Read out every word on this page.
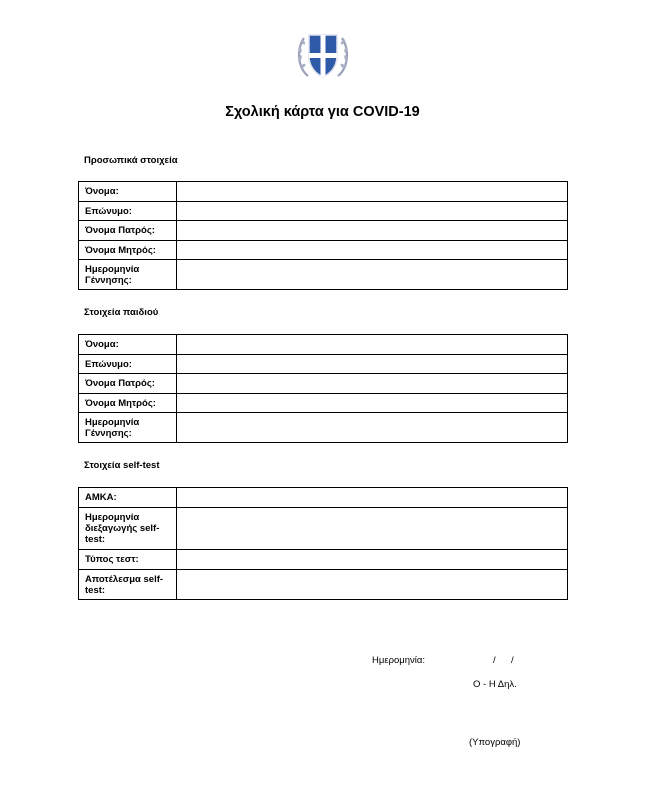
Σχολική κάρτα για COVID-19
Προσωπικά στοιχεία
Όνομα:	
Επώνυμο:	
Όνομα Πατρός:	
Όνομα Μητρός:	
Ημερομηνία Γέννησης:	
Στοιχεία παιδιού
Όνομα:	
Επώνυμο:	
Όνομα Πατρός:	
Όνομα Μητρός:	
Ημερομηνία Γέννησης:	
Στοιχεία self-test
ΑΜΚΑ:	
Ημερομηνία διεξαγωγής self-test:	
Τύπος τεστ:	
Αποτέλεσμα self-test:	
Ημερομηνία:	/ /
Ο - Η Δηλ.
(Υπογραφή)
